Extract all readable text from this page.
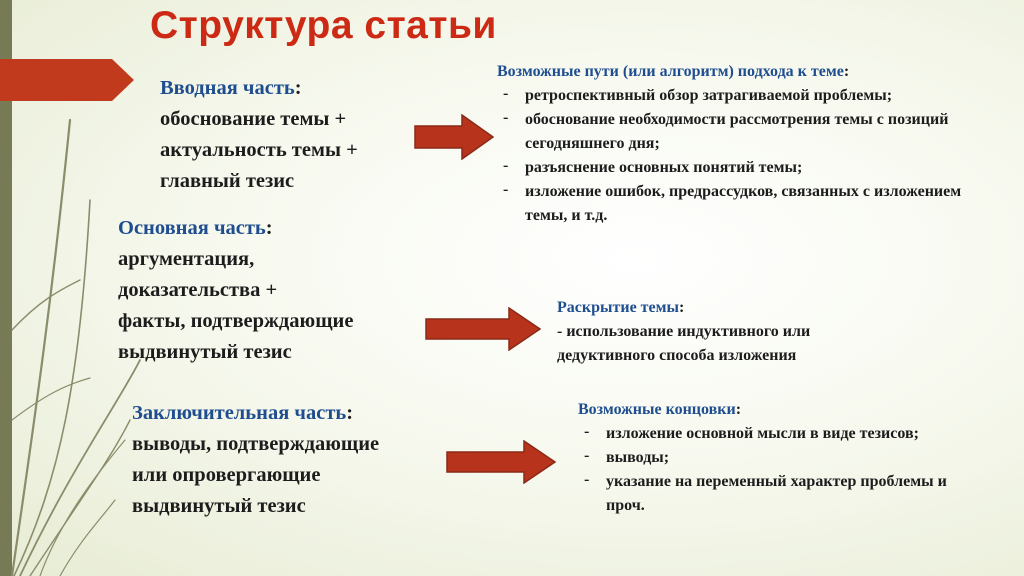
Структура статьи
Вводная часть:
обоснование темы +
актуальность темы +
главный тезис
Основная часть:
аргументация,
доказательства +
факты, подтверждающие
выдвинутый тезис
Заключительная часть:
выводы, подтверждающие
или опровергающие
выдвинутый тезис
Возможные пути (или алгоритм) подхода к теме:
- ретроспективный обзор затрагиваемой проблемы;
- обоснование необходимости рассмотрения темы с позиций сегодняшнего дня;
- разъяснение основных понятий темы;
- изложение ошибок, предрассудков, связанных с изложением темы, и т.д.
Раскрытие темы:
- использование индуктивного или
дедуктивного способа изложения
Возможные концовки:
- изложение основной мысли в виде тезисов;
- выводы;
- указание на переменный характер проблемы и проч.
